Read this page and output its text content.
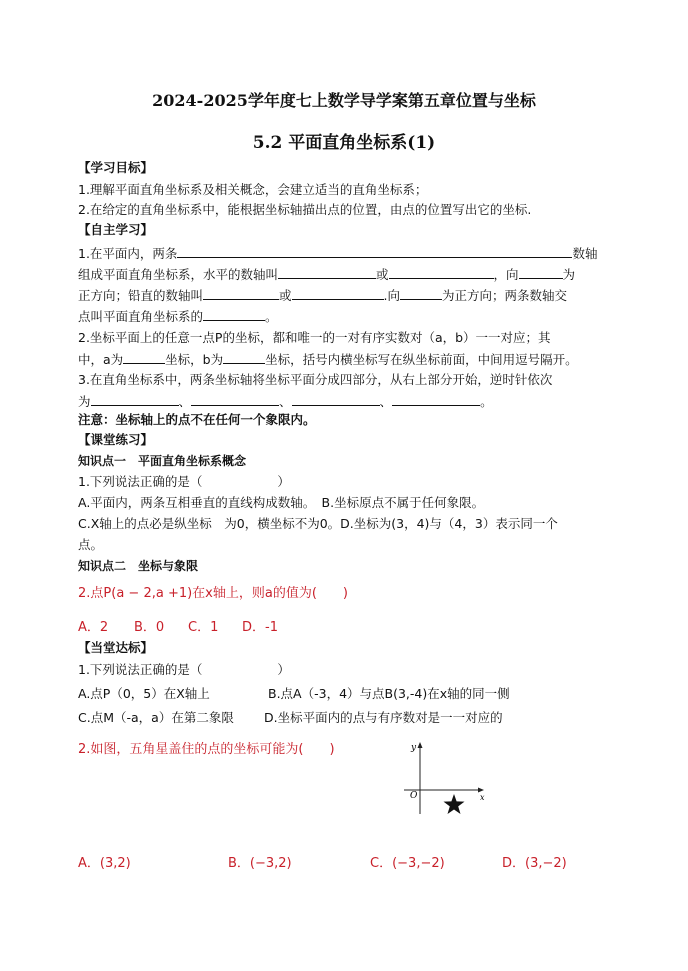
2024-2025学年度七上数学导学案第五章位置与坐标
5.2 平面直角坐标系(1)
【学习目标】
1.理解平面直角坐标系及相关概念，会建立适当的直角坐标系；
2.在给定的直角坐标系中，能根据坐标轴描出点的位置，由点的位置写出它的坐标.
【自主学习】
1.在平面内，两条	数轴
组成平面直角坐标系，水平的数轴叫	或	，向	为
正方向；铅直的数轴叫	或	.向	为正方向；两条数轴交
点叫平面直角坐标系的	。
2.坐标平面上的任意一点P的坐标，都和唯一的一对有序实数对（a，b）一一对应；其
中，a为	坐标，b为	坐标，括号内横坐标写在纵坐标前面，中间用逗号隔开。
3.在直角坐标系中，两条坐标轴将坐标平面分成四部分，从右上部分开始，逆时针依次
为	、	、	、	。
注意：坐标轴上的点不在任何一个象限内。
【课堂练习】
知识点一　平面直角坐标系概念
1.下列说法正确的是（　　　　　　）
A.平面内，两条互相垂直的直线构成数轴。　B.坐标原点不属于任何象限。
C.X轴上的点必是纵坐标　为0，横坐标不为0。D.坐标为(3，4)与（4，3）表示同一个
点。
知识点二　坐标与象限
2.点P(a − 2,a +1)在x轴上，则a的值为(　　)
A．2 B．0 C．1 D．-1
【当堂达标】
1.下列说法正确的是（　　　　　　）
A.点P（0，5）在X轴上	B.点A（-3，4）与点B(3,-4)在x轴的同一侧
C.点M（-a，a）在第二象限 D.坐标平面内的点与有序数对是一一对应的
2.如图，五角星盖住的点的坐标可能为(　　)	y
x
O
A．(3,2)	B．(−3,2)	C．(−3,−2)	D．(3,−2)
